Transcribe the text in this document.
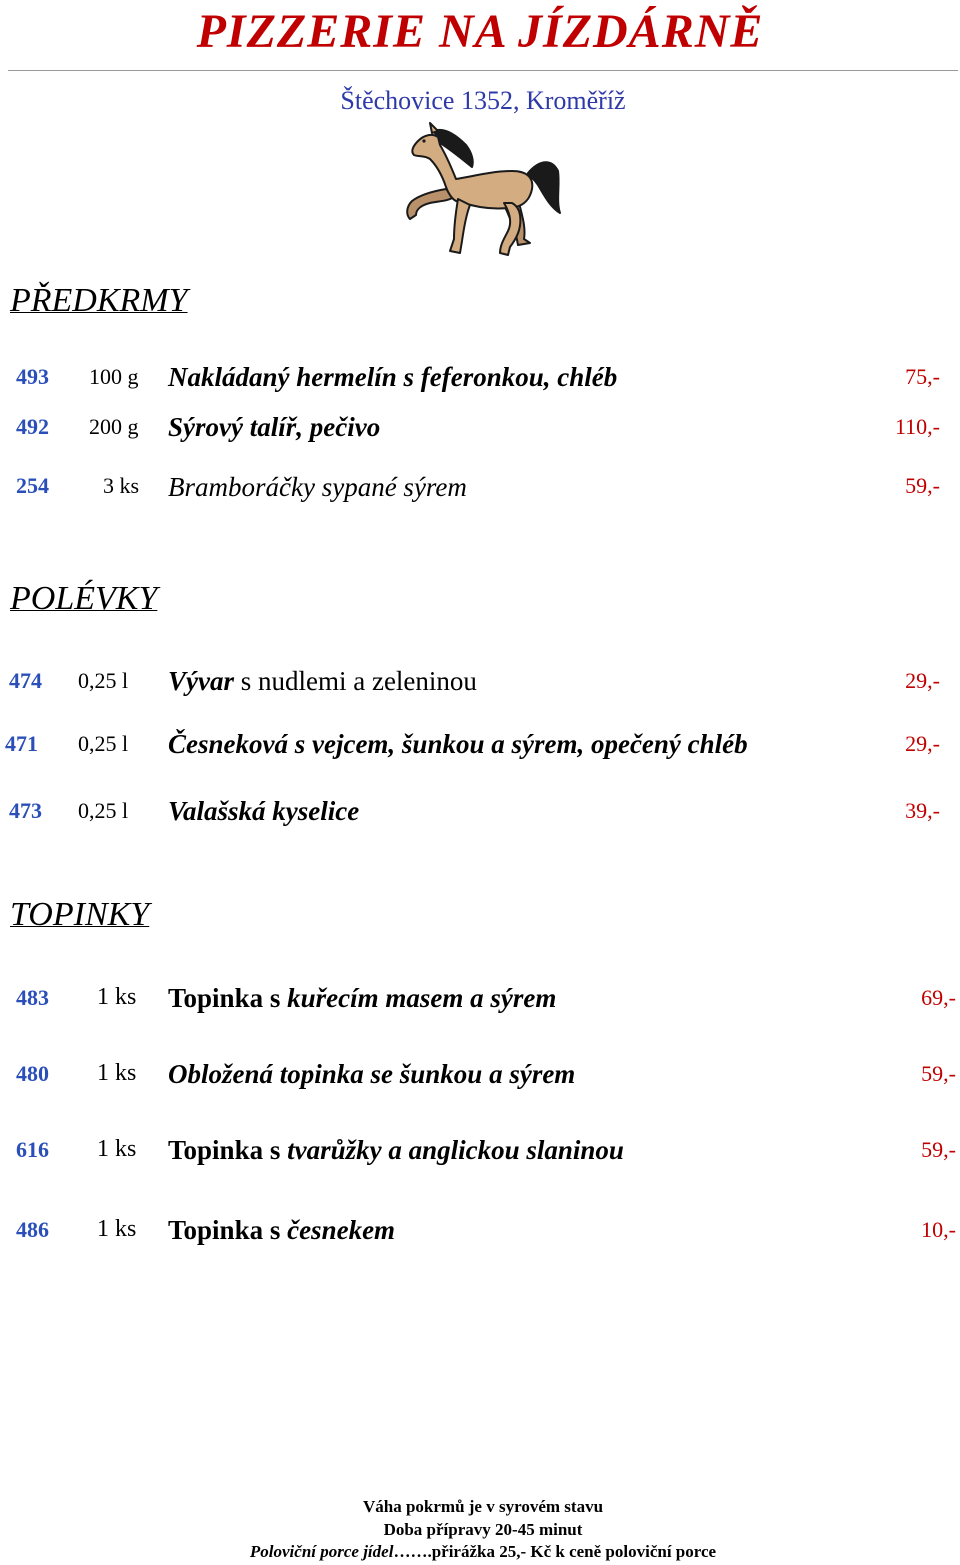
PIZZERIE NA JÍZDÁRNĚ
Štěchovice 1352, Kroměříž
PŘEDKRMY
493 100 g Nakládaný hermelín s feferonkou, chléb	75,-
492 200 g Sýrový talíř, pečivo	110,-
254 3 ks Bramboráčky sypané sýrem	59,-
POLÉVKY
474 0,25 l Vývar s nudlemi a zeleninou	29,-
471 0,25 l Česneková s vejcem, šunkou a sýrem, opečený chléb	29,-
473 0,25 l Valašská kyselice	39,-
TOPINKY
483 1 ks Topinka s kuřecím masem a sýrem	69,-
480 1 ks Obložená topinka se šunkou a sýrem	59,-
616 1 ks Topinka s tvarůžky a anglickou slaninou	59,-
486 1 ks Topinka s česnekem	10,-
Váha pokrmů je v syrovém stavu
Doba přípravy 20-45 minut
Poloviční porce jídel…….přirážka 25,- Kč k ceně poloviční porce
